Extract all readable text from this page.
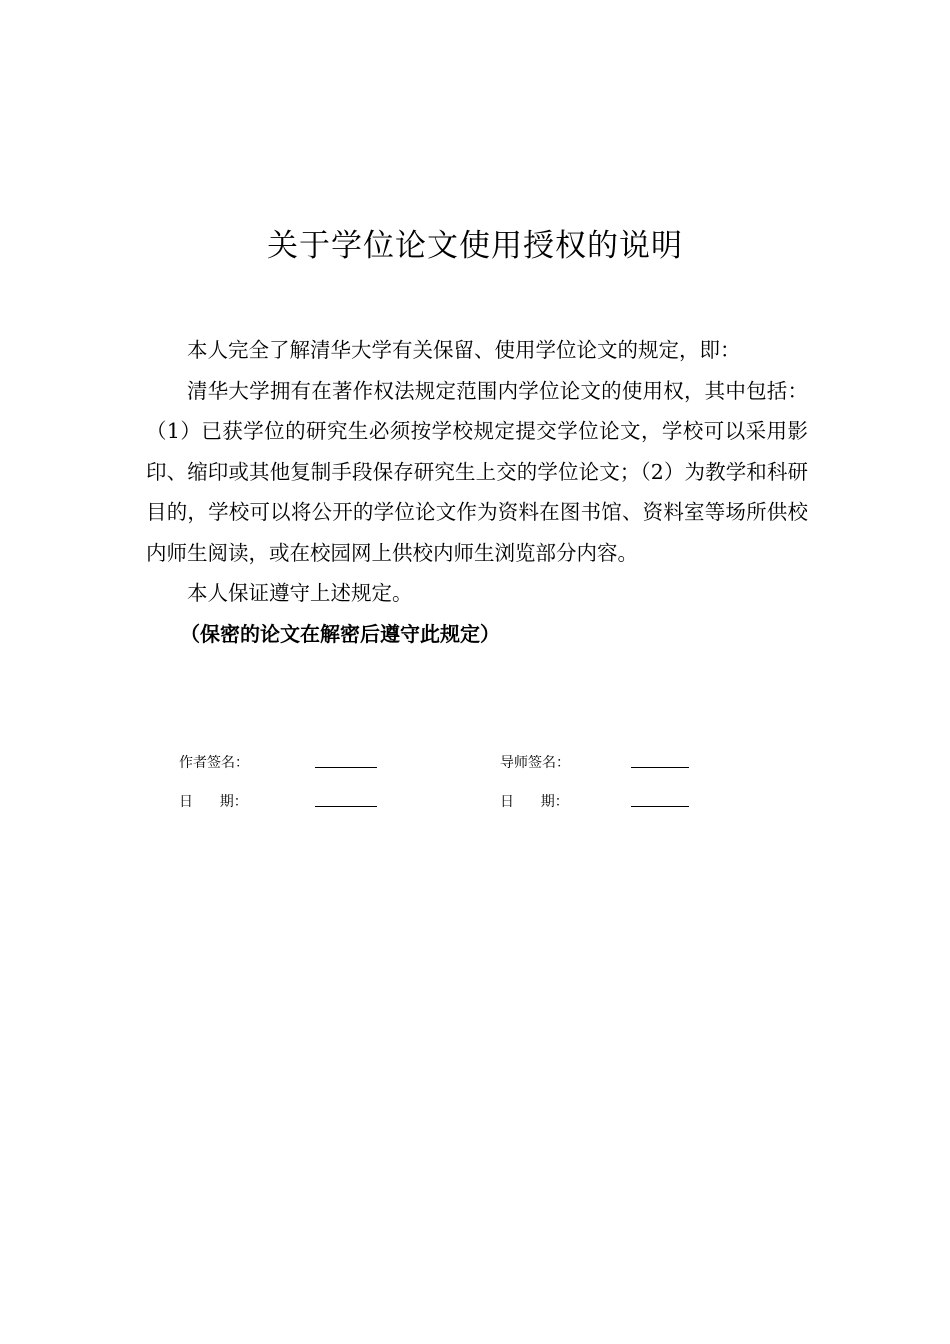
关于学位论文使用授权的说明

本人完全了解清华大学有关保留、使用学位论文的规定，即：

清华大学拥有在著作权法规定范围内学位论文的使用权，其中包括：（1）已获学位的研究生必须按学校规定提交学位论文，学校可以采用影印、缩印或其他复制手段保存研究生上交的学位论文；（2）为教学和科研目的，学校可以将公开的学位论文作为资料在图书馆、资料室等场所供校内师生阅读，或在校园网上供校内师生浏览部分内容。

本人保证遵守上述规定。

（保密的论文在解密后遵守此规定）

作者签名：	导师签名：
日      期：	日      期：
